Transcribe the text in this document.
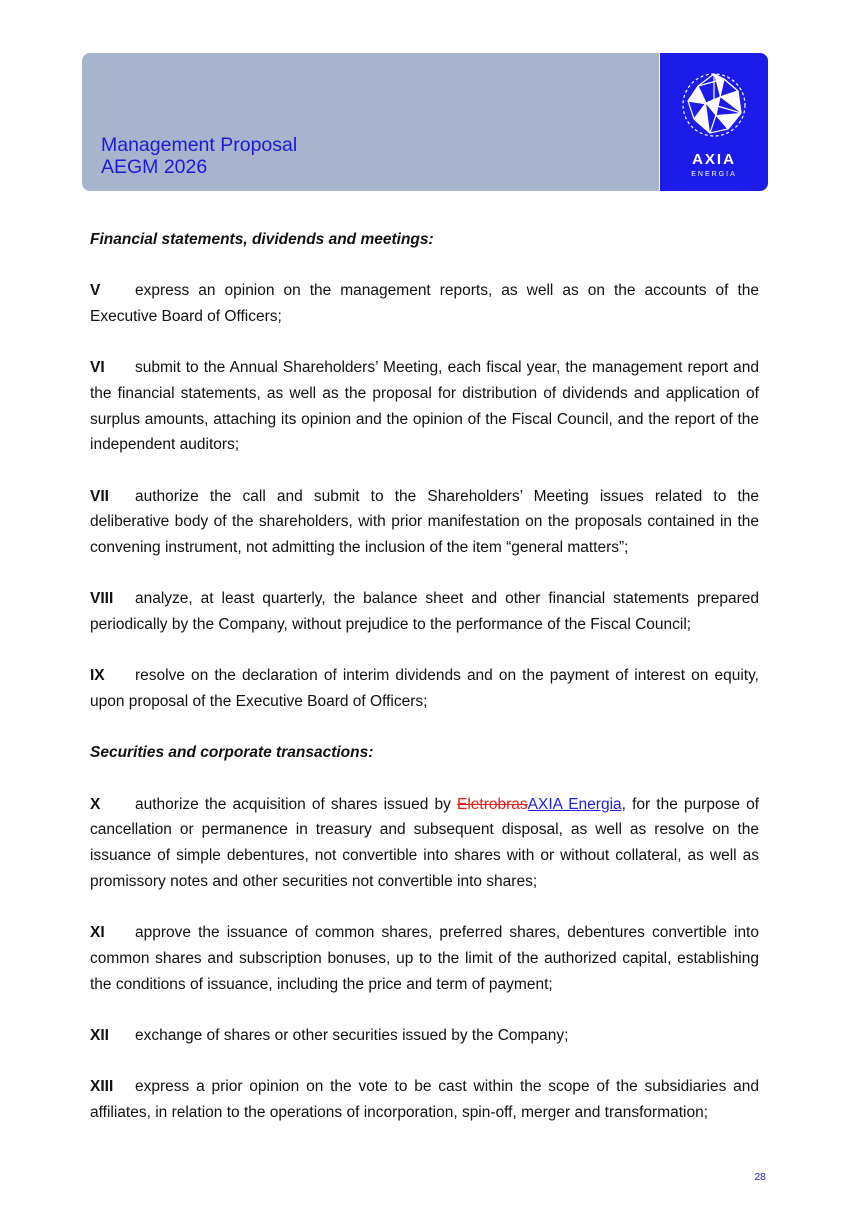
Management Proposal
AEGM 2026	AXIA
ENERGIA
Financial statements, dividends and meetings:

V express an opinion on the management reports, as well as on the accounts of the Executive Board of Officers;

VI submit to the Annual Shareholders’ Meeting, each fiscal year, the management report and the financial statements, as well as the proposal for distribution of dividends and application of surplus amounts, attaching its opinion and the opinion of the Fiscal Council, and the report of the independent auditors;

VII authorize the call and submit to the Shareholders’ Meeting issues related to the deliberative body of the shareholders, with prior manifestation on the proposals contained in the convening instrument, not admitting the inclusion of the item “general matters”;

VIII analyze, at least quarterly, the balance sheet and other financial statements prepared periodically by the Company, without prejudice to the performance of the Fiscal Council;

IX resolve on the declaration of interim dividends and on the payment of interest on equity, upon proposal of the Executive Board of Officers;

Securities and corporate transactions:

X authorize the acquisition of shares issued by EletrobrasAXIA Energia, for the purpose of cancellation or permanence in treasury and subsequent disposal, as well as resolve on the issuance of simple debentures, not convertible into shares with or without collateral, as well as promissory notes and other securities not convertible into shares;

XI approve the issuance of common shares, preferred shares, debentures convertible into common shares and subscription bonuses, up to the limit of the authorized capital, establishing the conditions of issuance, including the price and term of payment;

XII exchange of shares or other securities issued by the Company;

XIII express a prior opinion on the vote to be cast within the scope of the subsidiaries and affiliates, in relation to the operations of incorporation, spin-off, merger and transformation;

28
